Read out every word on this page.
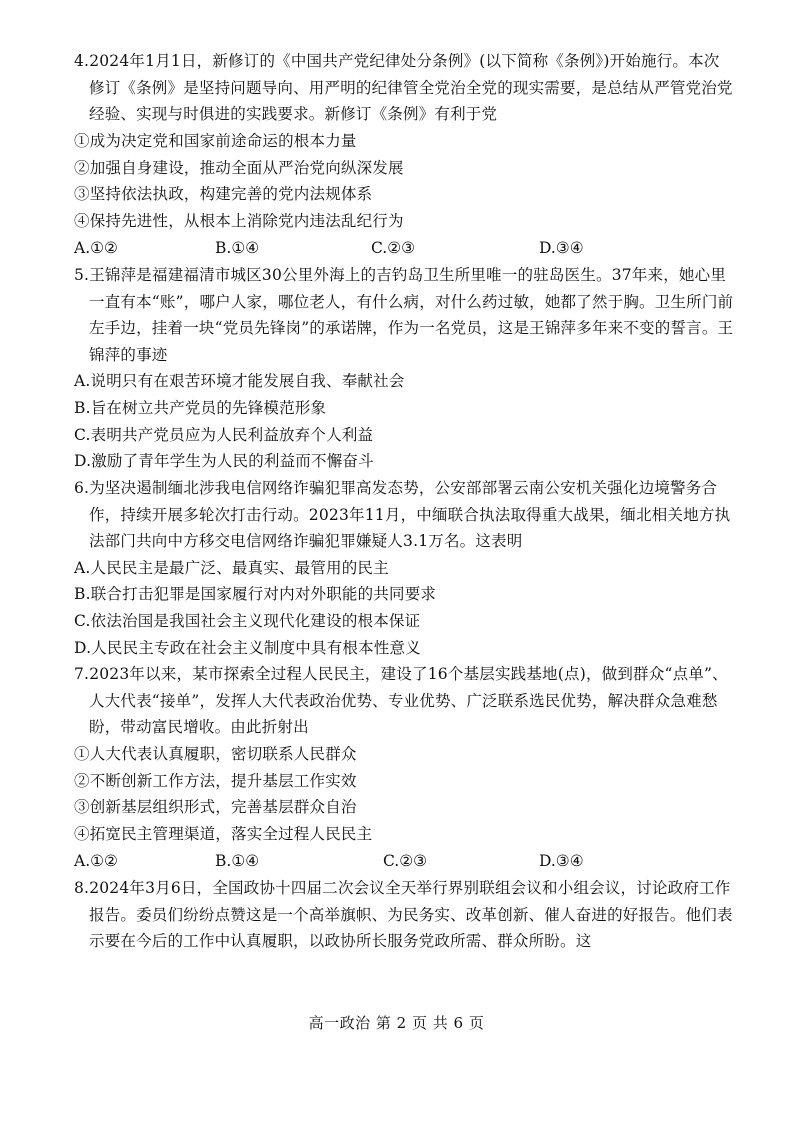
4.2024年1月1日，新修订的《中国共产党纪律处分条例》(以下简称《条例》)开始施行。本次修订《条例》是坚持问题导向、用严明的纪律管全党治全党的现实需要，是总结从严管党治党经验、实现与时俱进的实践要求。新修订《条例》有利于党
①成为决定党和国家前途命运的根本力量
②加强自身建设，推动全面从严治党向纵深发展
③坚持依法执政，构建完善的党内法规体系
④保持先进性，从根本上消除党内违法乱纪行为
A.①②	B.①④	C.②③	D.③④
5.王锦萍是福建福清市城区30公里外海上的吉钓岛卫生所里唯一的驻岛医生。37年来，她心里一直有本“账”，哪户人家，哪位老人，有什么病，对什么药过敏，她都了然于胸。卫生所门前左手边，挂着一块“党员先锋岗”的承诺牌，作为一名党员，这是王锦萍多年来不变的誓言。王锦萍的事迹
A.说明只有在艰苦环境才能发展自我、奉献社会
B.旨在树立共产党员的先锋模范形象
C.表明共产党员应为人民利益放弃个人利益
D.激励了青年学生为人民的利益而不懈奋斗
6.为坚决遏制缅北涉我电信网络诈骗犯罪高发态势，公安部部署云南公安机关强化边境警务合作，持续开展多轮次打击行动。2023年11月，中缅联合执法取得重大战果，缅北相关地方执法部门共向中方移交电信网络诈骗犯罪嫌疑人3.1万名。这表明
A.人民民主是最广泛、最真实、最管用的民主
B.联合打击犯罪是国家履行对内对外职能的共同要求
C.依法治国是我国社会主义现代化建设的根本保证
D.人民民主专政在社会主义制度中具有根本性意义
7.2023年以来，某市探索全过程人民民主，建设了16个基层实践基地(点)，做到群众“点单”、人大代表“接单”，发挥人大代表政治优势、专业优势、广泛联系选民优势，解决群众急难愁盼，带动富民增收。由此折射出
①人大代表认真履职，密切联系人民群众
②不断创新工作方法，提升基层工作实效
③创新基层组织形式，完善基层群众自治
④拓宽民主管理渠道，落实全过程人民民主
A.①②	B.①④	C.②③	D.③④
8.2024年3月6日，全国政协十四届二次会议全天举行界别联组会议和小组会议，讨论政府工作报告。委员们纷纷点赞这是一个高举旗帜、为民务实、改革创新、催人奋进的好报告。他们表示要在今后的工作中认真履职，以政协所长服务党政所需、群众所盼。这
高一政治 第 2 页 共 6 页
